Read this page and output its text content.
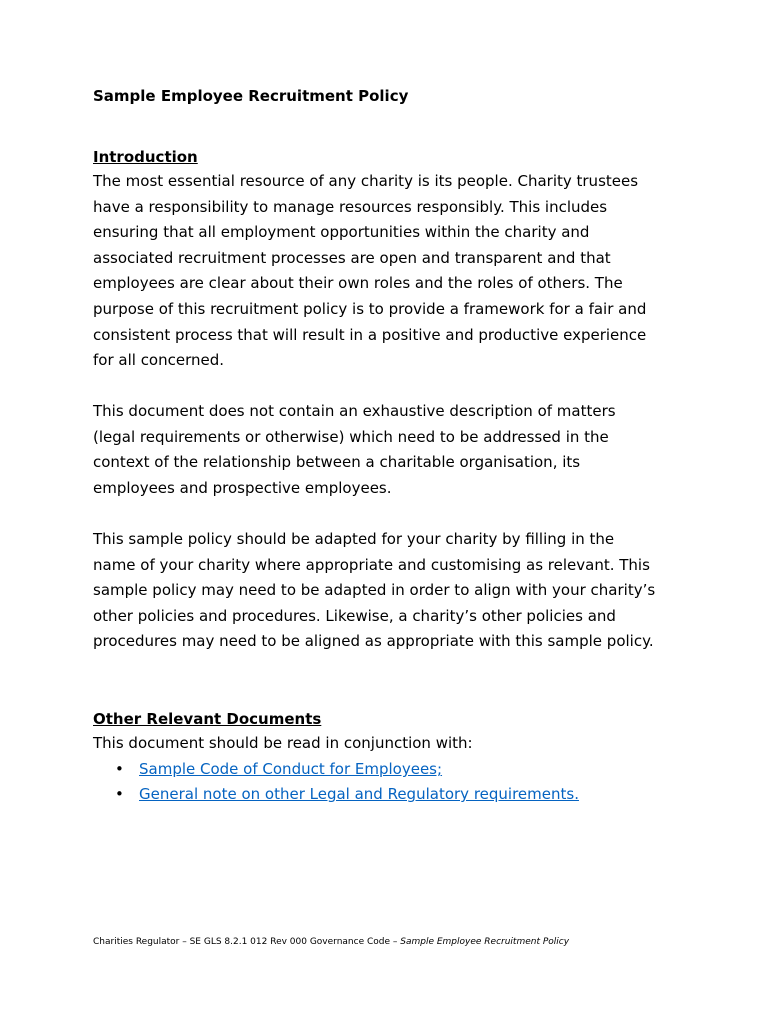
Sample Employee Recruitment Policy
Introduction

The most essential resource of any charity is its people. Charity trustees
have a responsibility to manage resources responsibly. This includes
ensuring that all employment opportunities within the charity and
associated recruitment processes are open and transparent and that
employees are clear about their own roles and the roles of others. The
purpose of this recruitment policy is to provide a framework for a fair and
consistent process that will result in a positive and productive experience
for all concerned.

This document does not contain an exhaustive description of matters
(legal requirements or otherwise) which need to be addressed in the
context of the relationship between a charitable organisation, its
employees and prospective employees.

This sample policy should be adapted for your charity by filling in the
name of your charity where appropriate and customising as relevant. This
sample policy may need to be adapted in order to align with your charity’s
other policies and procedures. Likewise, a charity’s other policies and
procedures may need to be aligned as appropriate with this sample policy.

Other Relevant Documents

This document should be read in conjunction with:

• Sample Code of Conduct for Employees;
• General note on other Legal and Regulatory requirements.
Charities Regulator – SE GLS 8.2.1 012 Rev 000 Governance Code – Sample Employee Recruitment Policy
